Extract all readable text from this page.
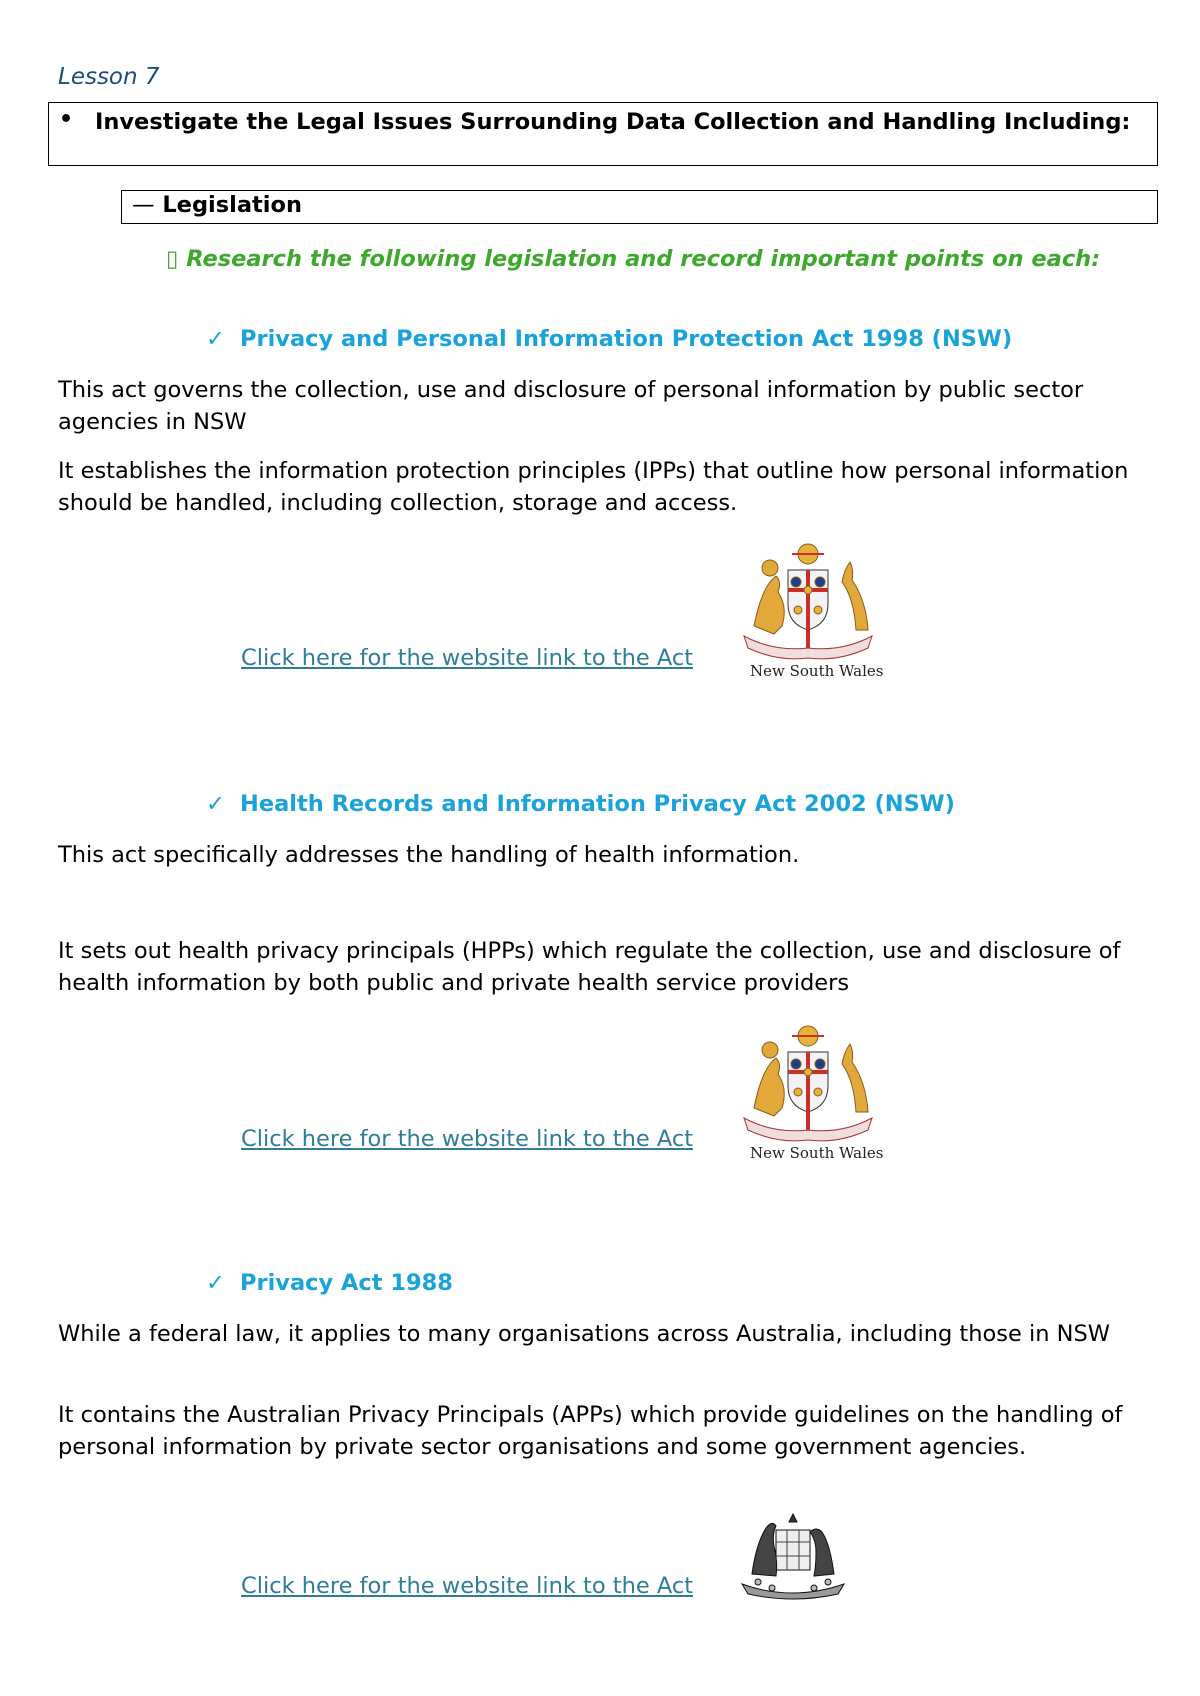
Lesson 7
• Investigate the Legal Issues Surrounding Data Collection and Handling Including:
— Legislation
▯ Research the following legislation and record important points on each:
✓ Privacy and Personal Information Protection Act 1998 (NSW)
This act governs the collection, use and disclosure of personal information by public sector agencies in NSW
It establishes the information protection principles (IPPs) that outline how personal information should be handled, including collection, storage and access.
Click here for the website link to the Act	New South Wales
✓ Health Records and Information Privacy Act 2002 (NSW)
This act specifically addresses the handling of health information.
It sets out health privacy principals (HPPs) which regulate the collection, use and disclosure of health information by both public and private health service providers
Click here for the website link to the Act
New South Wales
✓ Privacy Act 1988
While a federal law, it applies to many organisations across Australia, including those in NSW
It contains the Australian Privacy Principals (APPs) which provide guidelines on the handling of personal information by private sector organisations and some government agencies.
Click here for the website link to the Act
